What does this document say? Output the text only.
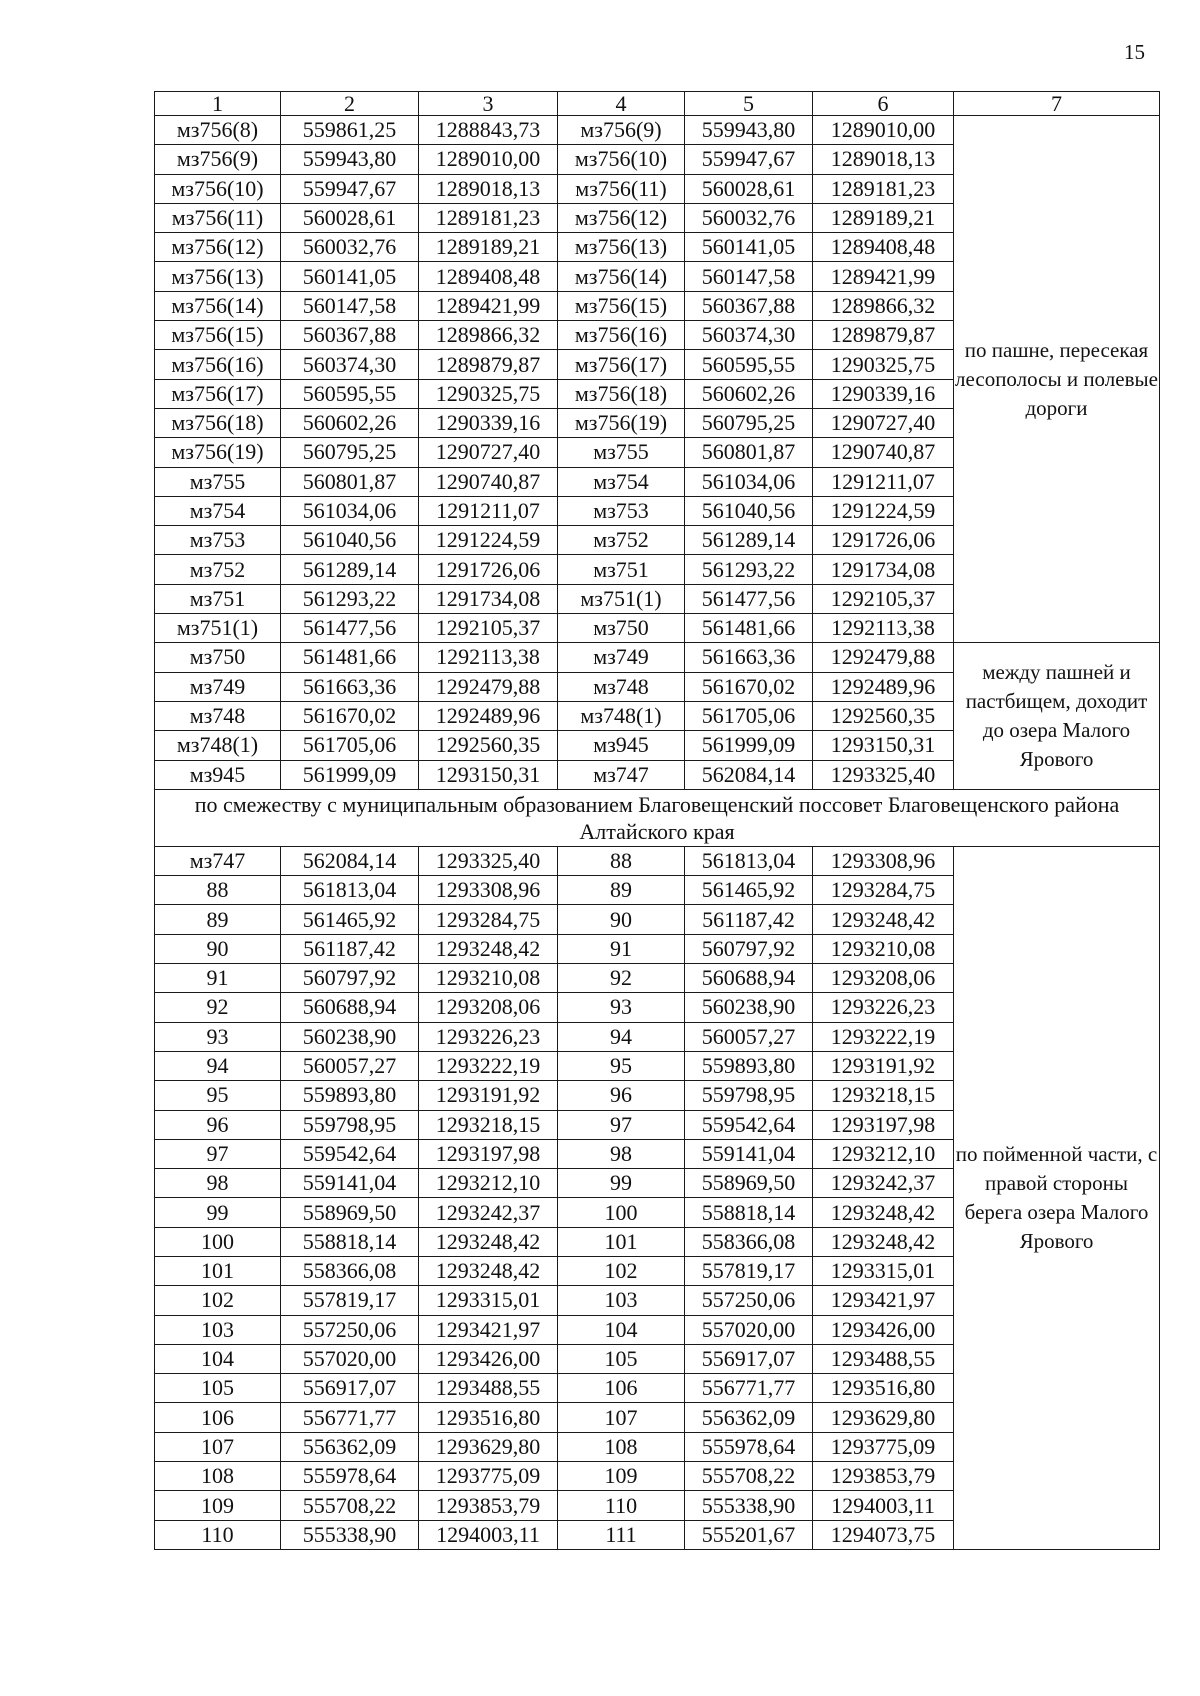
15
1	2	3	4	5	6	7
мз756(8)	559861,25	1288843,73	мз756(9)	559943,80	1289010,00	по пашне, пересекая лесополосы и полевые дороги
мз756(9)	559943,80	1289010,00	мз756(10)	559947,67	1289018,13	
мз756(10)	559947,67	1289018,13	мз756(11)	560028,61	1289181,23	
мз756(11)	560028,61	1289181,23	мз756(12)	560032,76	1289189,21	
мз756(12)	560032,76	1289189,21	мз756(13)	560141,05	1289408,48	
мз756(13)	560141,05	1289408,48	мз756(14)	560147,58	1289421,99	
мз756(14)	560147,58	1289421,99	мз756(15)	560367,88	1289866,32	
мз756(15)	560367,88	1289866,32	мз756(16)	560374,30	1289879,87	
мз756(16)	560374,30	1289879,87	мз756(17)	560595,55	1290325,75	
мз756(17)	560595,55	1290325,75	мз756(18)	560602,26	1290339,16	
мз756(18)	560602,26	1290339,16	мз756(19)	560795,25	1290727,40	
мз756(19)	560795,25	1290727,40	мз755	560801,87	1290740,87	
мз755	560801,87	1290740,87	мз754	561034,06	1291211,07	
мз754	561034,06	1291211,07	мз753	561040,56	1291224,59	
мз753	561040,56	1291224,59	мз752	561289,14	1291726,06	
мз752	561289,14	1291726,06	мз751	561293,22	1291734,08	
мз751	561293,22	1291734,08	мз751(1)	561477,56	1292105,37	
мз751(1)	561477,56	1292105,37	мз750	561481,66	1292113,38	
мз750	561481,66	1292113,38	мз749	561663,36	1292479,88	между пашней и пастбищем, доходит до озера Малого Ярового
мз749	561663,36	1292479,88	мз748	561670,02	1292489,96	
мз748	561670,02	1292489,96	мз748(1)	561705,06	1292560,35	
мз748(1)	561705,06	1292560,35	мз945	561999,09	1293150,31	
мз945	561999,09	1293150,31	мз747	562084,14	1293325,40	
по смежеству с муниципальным образованием Благовещенский поссовет Благовещенского района Алтайского края						
мз747	562084,14	1293325,40	88	561813,04	1293308,96	по пойменной части, с правой стороны берега озера Малого Ярового
88	561813,04	1293308,96	89	561465,92	1293284,75	
89	561465,92	1293284,75	90	561187,42	1293248,42	
90	561187,42	1293248,42	91	560797,92	1293210,08	
91	560797,92	1293210,08	92	560688,94	1293208,06	
92	560688,94	1293208,06	93	560238,90	1293226,23	
93	560238,90	1293226,23	94	560057,27	1293222,19	
94	560057,27	1293222,19	95	559893,80	1293191,92	
95	559893,80	1293191,92	96	559798,95	1293218,15	
96	559798,95	1293218,15	97	559542,64	1293197,98	
97	559542,64	1293197,98	98	559141,04	1293212,10	
98	559141,04	1293212,10	99	558969,50	1293242,37	
99	558969,50	1293242,37	100	558818,14	1293248,42	
100	558818,14	1293248,42	101	558366,08	1293248,42	
101	558366,08	1293248,42	102	557819,17	1293315,01	
102	557819,17	1293315,01	103	557250,06	1293421,97	
103	557250,06	1293421,97	104	557020,00	1293426,00	
104	557020,00	1293426,00	105	556917,07	1293488,55	
105	556917,07	1293488,55	106	556771,77	1293516,80	
106	556771,77	1293516,80	107	556362,09	1293629,80	
107	556362,09	1293629,80	108	555978,64	1293775,09	
108	555978,64	1293775,09	109	555708,22	1293853,79	
109	555708,22	1293853,79	110	555338,90	1294003,11	
110	555338,90	1294003,11	111	555201,67	1294073,75	
